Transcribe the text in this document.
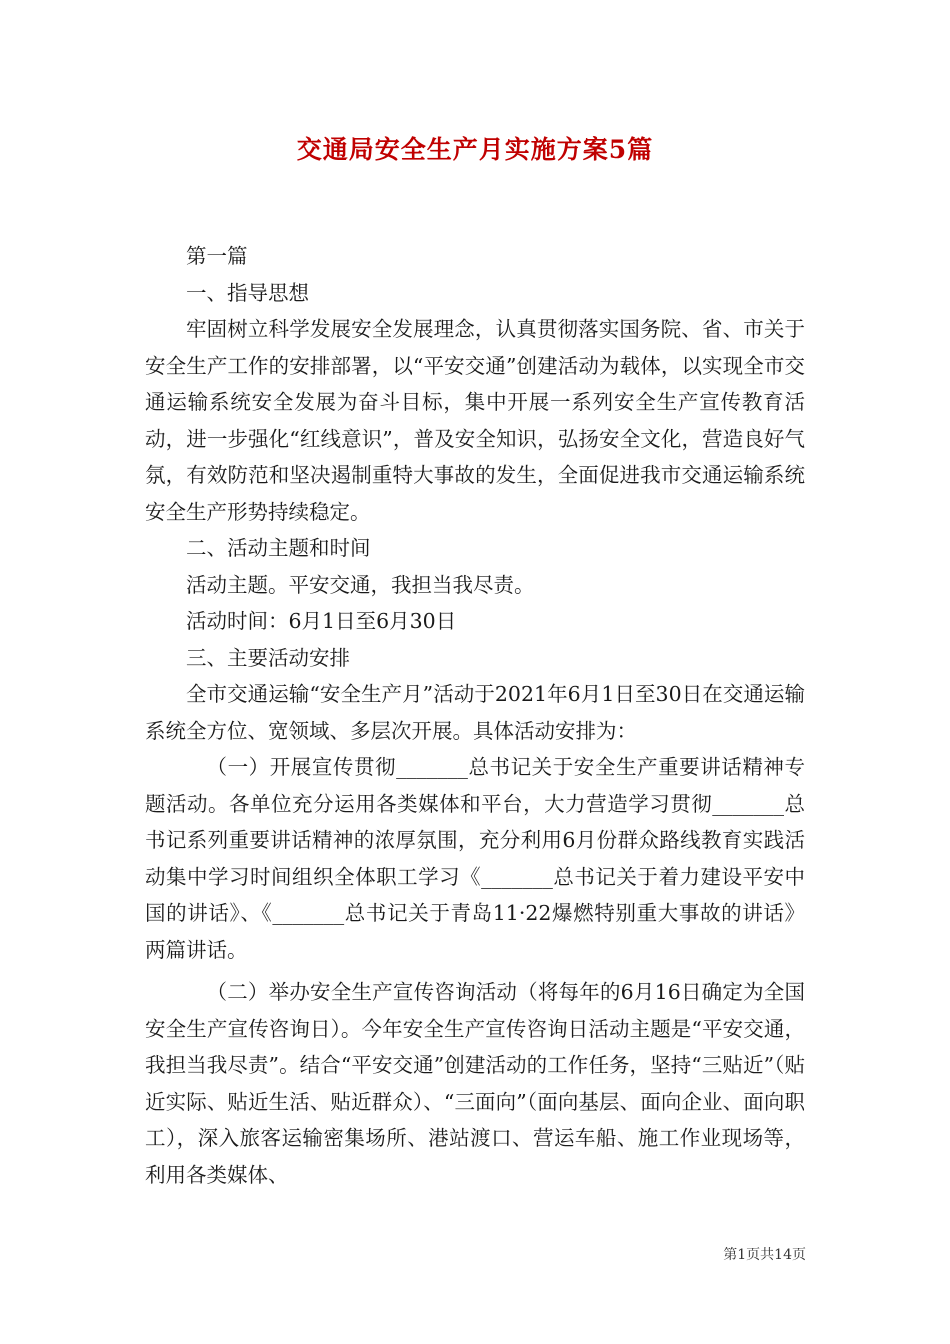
交通局安全生产月实施方案5篇

第一篇

一、指导思想

牢固树立科学发展安全发展理念，认真贯彻落实国务院、省、市关于安全生产工作的安排部署，以“平安交通”创建活动为载体，以实现全市交通运输系统安全发展为奋斗目标，集中开展一系列安全生产宣传教育活动，进一步强化“红线意识”，普及安全知识，弘扬安全文化，营造良好气氛，有效防范和坚决遏制重特大事故的发生，全面促进我市交通运输系统安全生产形势持续稳定。

二、活动主题和时间

活动主题。平安交通，我担当我尽责。

活动时间：6月1日至6月30日

三、主要活动安排

全市交通运输“安全生产月”活动于2021年6月1日至30日在交通运输系统全方位、宽领域、多层次开展。具体活动安排为：

（一）开展宣传贯彻_______总书记关于安全生产重要讲话精神专题活动。各单位充分运用各类媒体和平台，大力营造学习贯彻_______总书记系列重要讲话精神的浓厚氛围，充分利用6月份群众路线教育实践活动集中学习时间组织全体职工学习《_______总书记关于着力建设平安中国的讲话》、《_______总书记关于青岛11·22爆燃特别重大事故的讲话》两篇讲话。

（二）举办安全生产宣传咨询活动（将每年的6月16日确定为全国安全生产宣传咨询日）。今年安全生产宣传咨询日活动主题是“平安交通，我担当我尽责”。结合“平安交通”创建活动的工作任务，坚持“三贴近”（贴近实际、贴近生活、贴近群众）、“三面向”（面向基层、面向企业、面向职工），深入旅客运输密集场所、港站渡口、营运车船、施工作业现场等，利用各类媒体、

第1页共14页
